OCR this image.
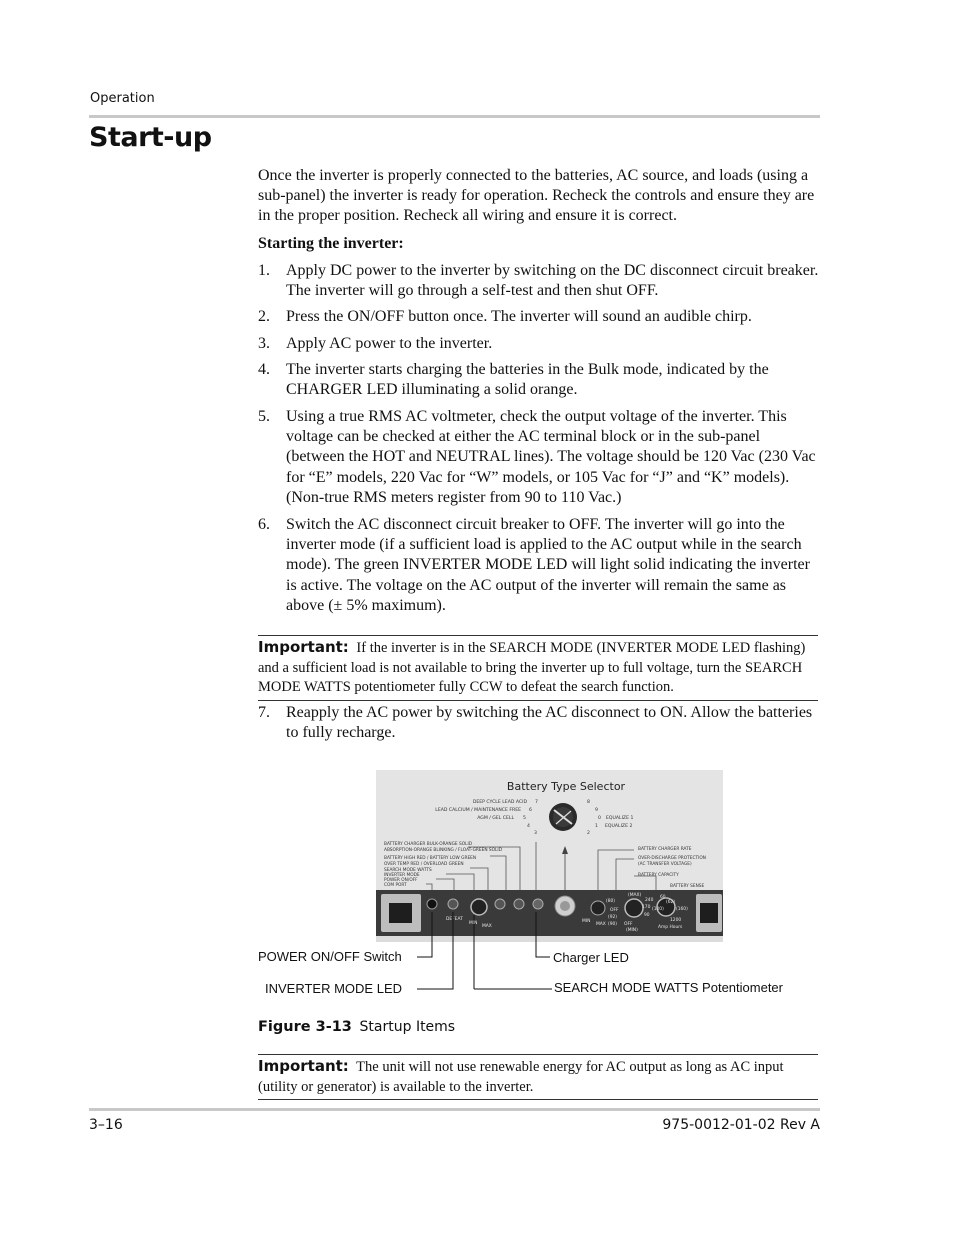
Operation
Start-up
Once the inverter is properly connected to the batteries, AC source, and loads (using a sub-panel) the inverter is ready for operation. Recheck the controls and ensure they are in the proper position. Recheck all wiring and ensure it is correct.
Starting the inverter:
1. Apply DC power to the inverter by switching on the DC disconnect circuit breaker. The inverter will go through a self-test and then shut OFF.
2. Press the ON/OFF button once. The inverter will sound an audible chirp.
3. Apply AC power to the inverter.
4. The inverter starts charging the batteries in the Bulk mode, indicated by the CHARGER LED illuminating a solid orange.
5. Using a true RMS AC voltmeter, check the output voltage of the inverter. This voltage can be checked at either the AC terminal block or in the sub-panel (between the HOT and NEUTRAL lines). The voltage should be 120 Vac (230 Vac for “E” models, 220 Vac for “W” models, or 105 Vac for “J” and “K” models). (Non-true RMS meters register from 90 to 110 Vac.)
6. Switch the AC disconnect circuit breaker to OFF. The inverter will go into the inverter mode (if a sufficient load is applied to the AC output while in the search mode). The green INVERTER MODE LED will light solid indicating the inverter is active. The voltage on the AC output of the inverter will remain the same as above (± 5% maximum).
Important: If the inverter is in the SEARCH MODE (INVERTER MODE LED flashing) and a sufficient load is not available to bring the inverter up to full voltage, turn the SEARCH MODE WATTS potentiometer fully CCW to defeat the search function.
7. Reapply the AC power by switching the AC disconnect to ON. Allow the batteries to fully recharge.
Battery Type Selector
DEEP CYCLE LEAD ACID
LEAD CALCIUM / MAINTENANCE FREE
AGM / GEL CELL	EQUALIZE 1
EQUALIZE 2
7	8
6	9
5	0
4	1
3	2
BATTERY CHARGER BULK-ORANGE SOLID
ABSORPTION-ORANGE BLINKING / FLOAT-GREEN SOLID
BATTERY HIGH RED / BATTERY LOW GREEN
OVER TEMP RED / OVERLOAD GREEN
SEARCH MODE WATTS
INVERTER MODE
POWER ON/OFF
COM PORT
BATTERY CHARGER RATE
OVER-DISCHARGE PROTECTION
(AC TRANSFER VOLTAGE)
BATTERY CAPACITY
BATTERY SENSE
DEFEAT
MIN
MAX
MIN
MAX
(MAX)
OFF
(MIN)
Amp Hours
240
170
90
(80)
(100)
1200
60
(62)
(160)
(92)
OFF
(90)
POWER ON/OFF Switch
INVERTER MODE LED
Charger LED
SEARCH MODE WATTS Potentiometer
Figure 3-13 Startup Items
Important: The unit will not use renewable energy for AC output as long as AC input (utility or generator) is available to the inverter.
3–16	975-0012-01-02 Rev A
